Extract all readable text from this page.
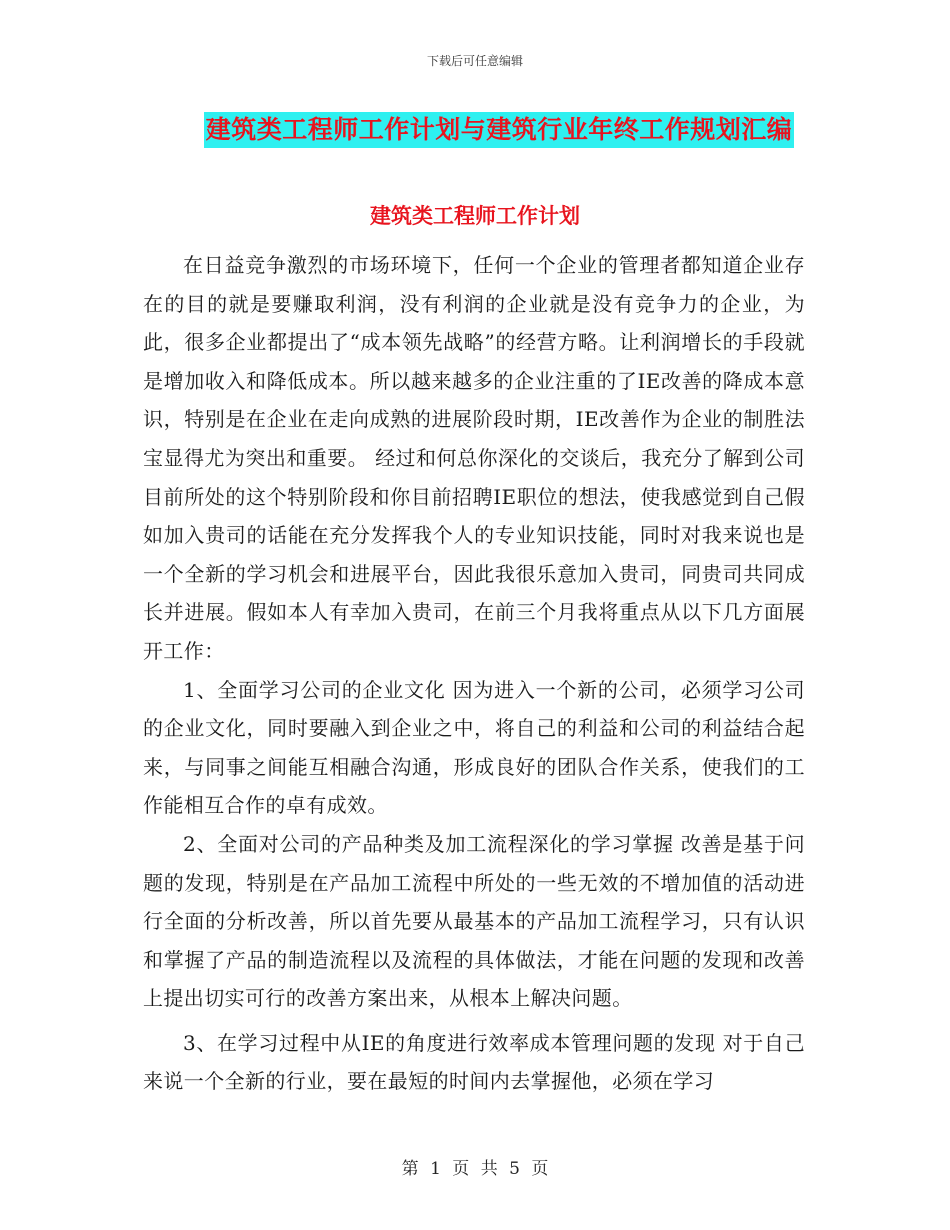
下载后可任意编辑
建筑类工程师工作计划与建筑行业年终工作规划汇编
建筑类工程师工作计划

在日益竞争激烈的市场环境下，任何一个企业的管理者都知道企业存在的目的就是要赚取利润，没有利润的企业就是没有竞争力的企业，为此，很多企业都提出了“成本领先战略”的经营方略。让利润增长的手段就是增加收入和降低成本。所以越来越多的企业注重的了IE改善的降成本意识，特别是在企业在走向成熟的进展阶段时期，IE改善作为企业的制胜法宝显得尤为突出和重要。 经过和何总你深化的交谈后，我充分了解到公司目前所处的这个特别阶段和你目前招聘IE职位的想法，使我感觉到自己假如加入贵司的话能在充分发挥我个人的专业知识技能，同时对我来说也是一个全新的学习机会和进展平台，因此我很乐意加入贵司，同贵司共同成长并进展。假如本人有幸加入贵司，在前三个月我将重点从以下几方面展开工作：

1、全面学习公司的企业文化 因为进入一个新的公司，必须学习公司的企业文化，同时要融入到企业之中，将自己的利益和公司的利益结合起来，与同事之间能互相融合沟通，形成良好的团队合作关系，使我们的工作能相互合作的卓有成效。

2、全面对公司的产品种类及加工流程深化的学习掌握 改善是基于问题的发现，特别是在产品加工流程中所处的一些无效的不增加值的活动进行全面的分析改善，所以首先要从最基本的产品加工流程学习，只有认识和掌握了产品的制造流程以及流程的具体做法，才能在问题的发现和改善上提出切实可行的改善方案出来，从根本上解决问题。

3、在学习过程中从IE的角度进行效率成本管理问题的发现 对于自己来说一个全新的行业，要在最短的时间内去掌握他，必须在学习

第 1 页 共 5 页
